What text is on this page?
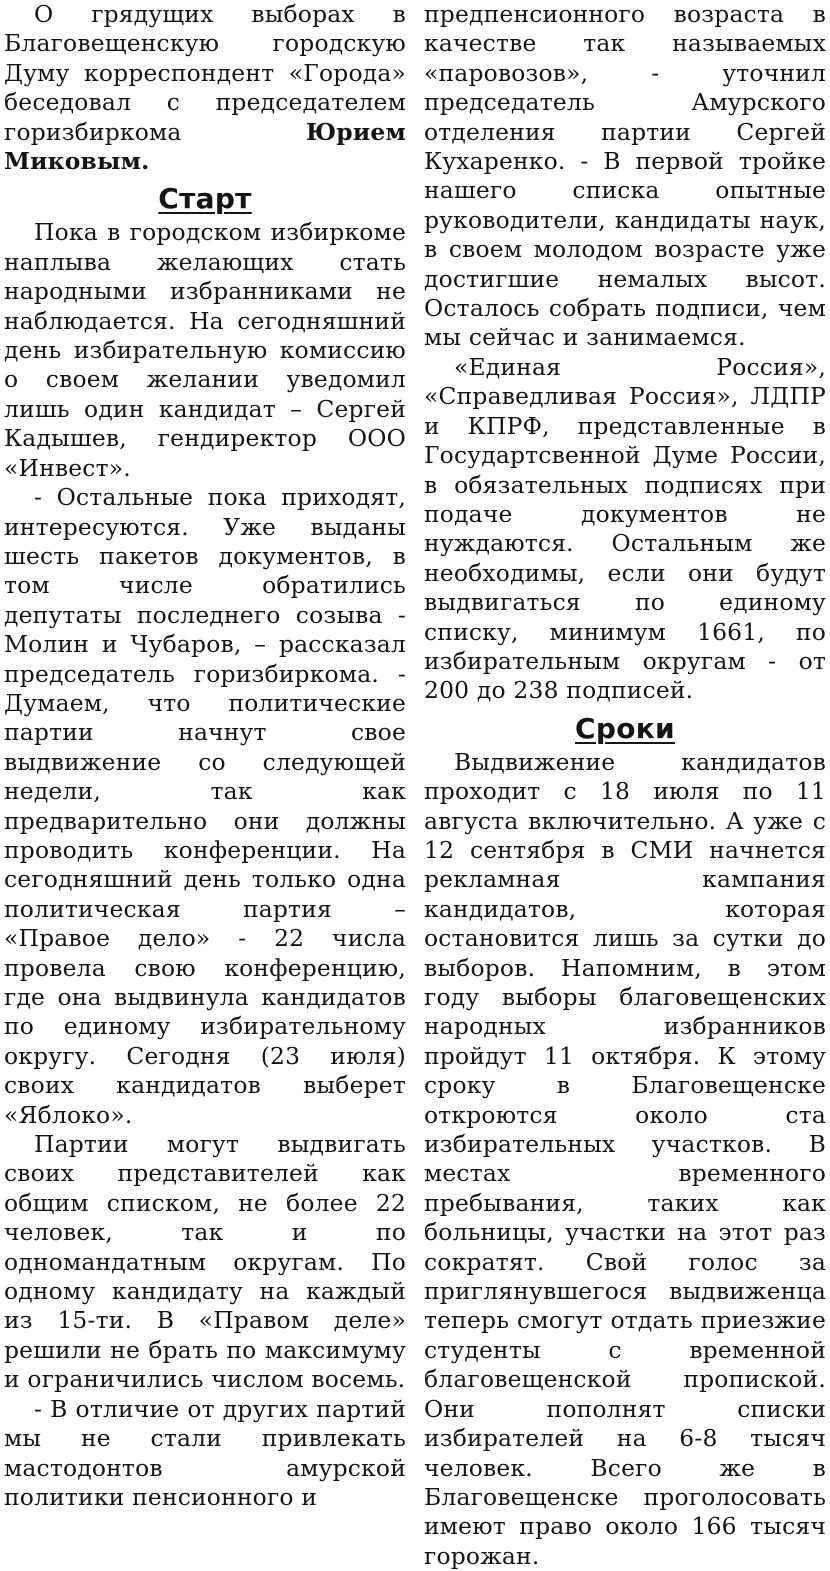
О грядущих выборах в Благовещенскую городскую Думу корреспондент «Города» беседовал с председателем горизбиркома Юрием Миковым.

Старт

Пока в городском избиркоме наплыва желающих стать народными избранниками не наблюдается. На сегодняшний день избирательную комиссию о своем желании уведомил лишь один кандидат – Сергей Кадышев, гендиректор ООО «Инвест».

- Остальные пока приходят, интересуются. Уже выданы шесть пакетов документов, в том числе обратились депутаты последнего созыва - Молин и Чубаров, – рассказал председатель горизбиркома. - Думаем, что политические партии начнут свое выдвижение со следующей недели, так как предварительно они должны проводить конференции. На сегодняшний день только одна политическая партия – «Правое дело» - 22 числа провела свою конференцию, где она выдвинула кандидатов по единому избирательному округу. Сегодня (23 июля) своих кандидатов выберет «Яблоко».

Партии могут выдвигать своих представителей как общим списком, не более 22 человек, так и по одномандатным округам. По одному кандидату на каждый из 15-ти. В «Правом деле» решили не брать по максимуму и ограничились числом восемь.

- В отличие от других партий мы не стали привлекать мастодонтов амурской политики пенсионного и

предпенсионного возраста в качестве так называемых «паровозов», - уточнил председатель Амурского отделения партии Сергей Кухаренко. - В первой тройке нашего списка опытные руководители, кандидаты наук, в своем молодом возрасте уже достигшие немалых высот. Осталось собрать подписи, чем мы сейчас и занимаемся.

«Единая Россия», «Справедливая Россия», ЛДПР и КПРФ, представленные в Государтсвенной Думе России, в обязательных подписях при подаче документов не нуждаются. Остальным же необходимы, если они будут выдвигаться по единому списку, минимум 1661, по избирательным округам - от 200 до 238 подписей.

Сроки

Выдвижение кандидатов проходит с 18 июля по 11 августа включительно. А уже с 12 сентября в СМИ начнется рекламная кампания кандидатов, которая остановится лишь за сутки до выборов. Напомним, в этом году выборы благовещенских народных избранников пройдут 11 октября. К этому сроку в Благовещенске откроются около ста избирательных участков. В местах временного пребывания, таких как больницы, участки на этот раз сократят. Свой голос за приглянувшегося выдвиженца теперь смогут отдать приезжие студенты с временной благовещенской пропиской. Они пополнят списки избирателей на 6-8 тысяч человек. Всего же в Благовещенске проголосовать имеют право около 166 тысяч горожан.
